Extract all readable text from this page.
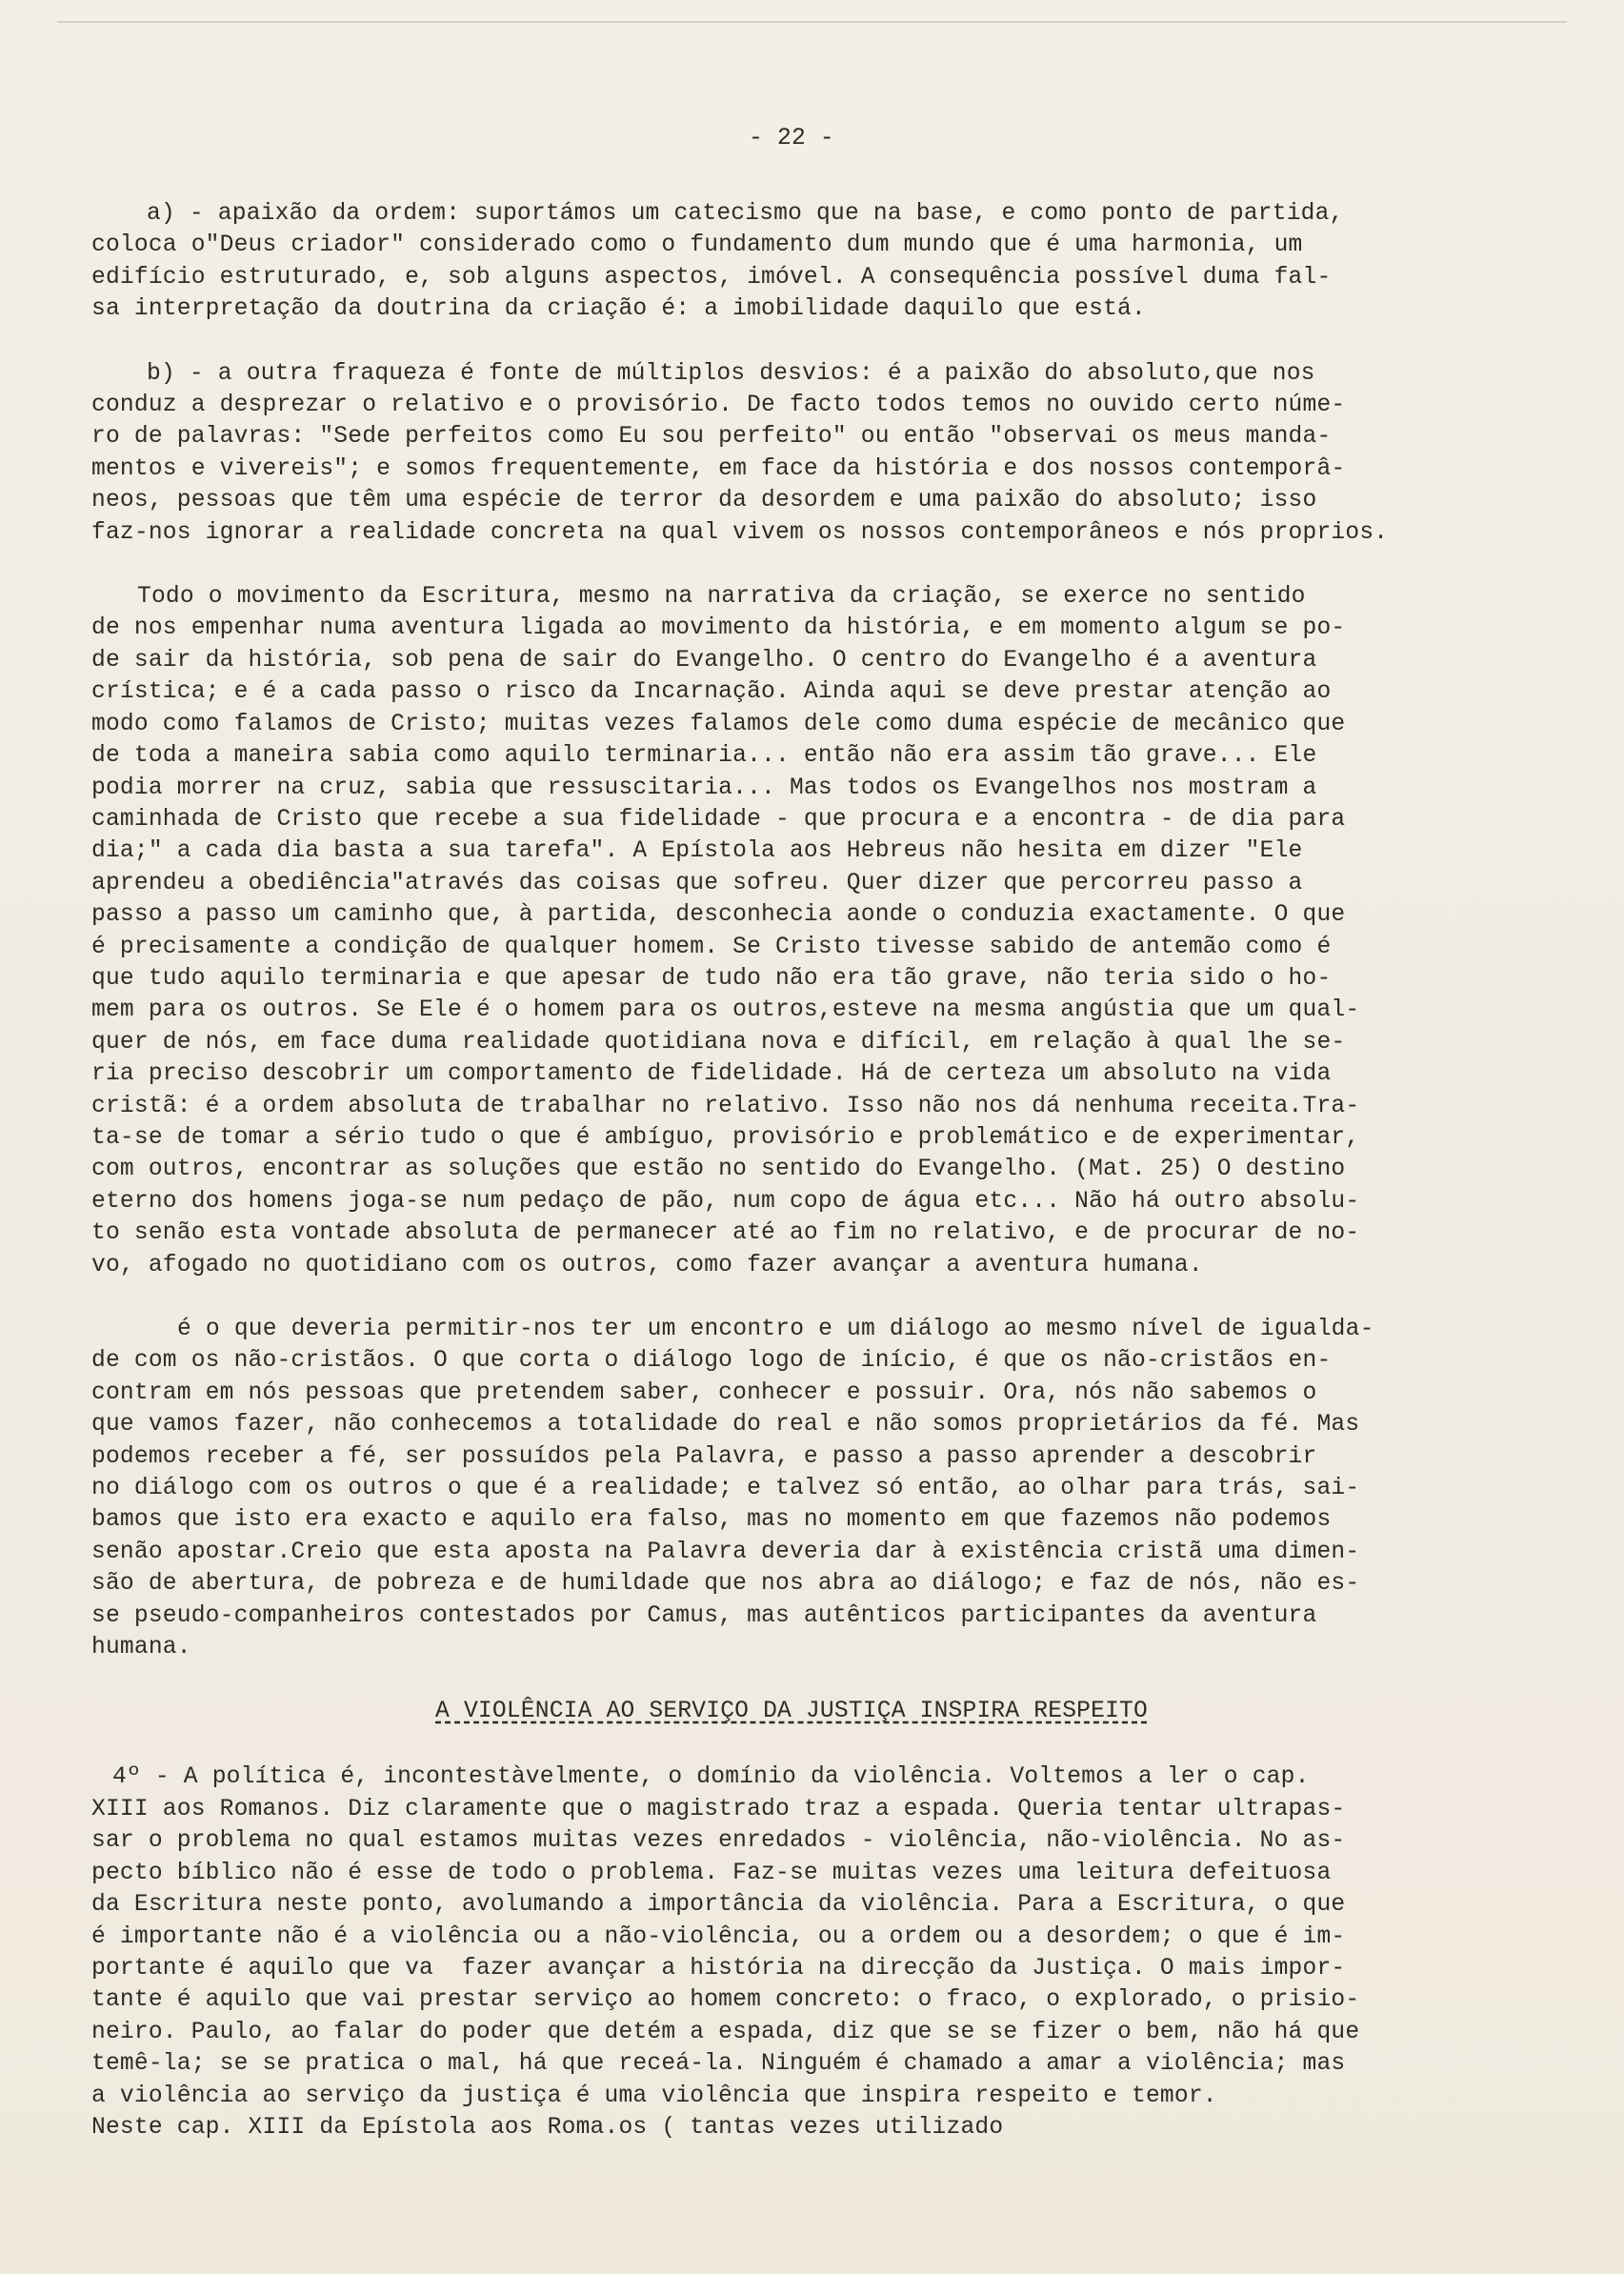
- 22 -
a) - apaixão da ordem: suportámos um catecismo que na base, e como ponto de partida,
coloca o"Deus criador" considerado como o fundamento dum mundo que é uma harmonia, um
edifício estruturado, e, sob alguns aspectos, imóvel. A consequência possível duma fal-
sa interpretação da doutrina da criação é: a imobilidade daquilo que está.
b) - a outra fraqueza é fonte de múltiplos desvios: é a paixão do absoluto,que nos
conduz a desprezar o relativo e o provisório. De facto todos temos no ouvido certo núme-
ro de palavras: "Sede perfeitos como Eu sou perfeito" ou então "observai os meus manda-
mentos e vivereis"; e somos frequentemente, em face da história e dos nossos contemporâ-
neos, pessoas que têm uma espécie de terror da desordem e uma paixão do absoluto; isso
faz-nos ignorar a realidade concreta na qual vivem os nossos contemporâneos e nós proprios.
Todo o movimento da Escritura, mesmo na narrativa da criação, se exerce no sentido
de nos empenhar numa aventura ligada ao movimento da história, e em momento algum se po-
de sair da história, sob pena de sair do Evangelho. O centro do Evangelho é a aventura
crística; e é a cada passo o risco da Incarnação. Ainda aqui se deve prestar atenção ao
modo como falamos de Cristo; muitas vezes falamos dele como duma espécie de mecânico que
de toda a maneira sabia como aquilo terminaria... então não era assim tão grave... Ele
podia morrer na cruz, sabia que ressuscitaria... Mas todos os Evangelhos nos mostram a
caminhada de Cristo que recebe a sua fidelidade - que procura e a encontra - de dia para
dia;" a cada dia basta a sua tarefa". A Epístola aos Hebreus não hesita em dizer "Ele
aprendeu a obediência"através das coisas que sofreu. Quer dizer que percorreu passo a
passo a passo um caminho que, à partida, desconhecia aonde o conduzia exactamente. O que
é precisamente a condição de qualquer homem. Se Cristo tivesse sabido de antemão como é
que tudo aquilo terminaria e que apesar de tudo não era tão grave, não teria sido o ho-
mem para os outros. Se Ele é o homem para os outros,esteve na mesma angústia que um qual-
quer de nós, em face duma realidade quotidiana nova e difícil, em relação à qual lhe se-
ria preciso descobrir um comportamento de fidelidade. Há de certeza um absoluto na vida
cristã: é a ordem absoluta de trabalhar no relativo. Isso não nos dá nenhuma receita.Tra-
ta-se de tomar a sério tudo o que é ambíguo, provisório e problemático e de experimentar,
com outros, encontrar as soluções que estão no sentido do Evangelho. (Mat. 25) O destino
eterno dos homens joga-se num pedaço de pão, num copo de água etc... Não há outro absolu-
to senão esta vontade absoluta de permanecer até ao fim no relativo, e de procurar de no-
vo, afogado no quotidiano com os outros, como fazer avançar a aventura humana.
é o que deveria permitir-nos ter um encontro e um diálogo ao mesmo nível de igualda-
de com os não-cristãos. O que corta o diálogo logo de início, é que os não-cristãos en-
contram em nós pessoas que pretendem saber, conhecer e possuir. Ora, nós não sabemos o
que vamos fazer, não conhecemos a totalidade do real e não somos proprietários da fé. Mas
podemos receber a fé, ser possuídos pela Palavra, e passo a passo aprender a descobrir
no diálogo com os outros o que é a realidade; e talvez só então, ao olhar para trás, sai-
bamos que isto era exacto e aquilo era falso, mas no momento em que fazemos não podemos
senão apostar.Creio que esta aposta na Palavra deveria dar à existência cristã uma dimen-
são de abertura, de pobreza e de humildade que nos abra ao diálogo; e faz de nós, não es-
se pseudo-companheiros contestados por Camus, mas autênticos participantes da aventura
humana.
A VIOLÊNCIA AO SERVIÇO DA JUSTIÇA INSPIRA RESPEITO
4º - A política é, incontestàvelmente, o domínio da violência. Voltemos a ler o cap.
XIII aos Romanos. Diz claramente que o magistrado traz a espada. Queria tentar ultrapas-
sar o problema no qual estamos muitas vezes enredados - violência, não-violência. No as-
pecto bíblico não é esse de todo o problema. Faz-se muitas vezes uma leitura defeituosa
da Escritura neste ponto, avolumando a importância da violência. Para a Escritura, o que
é importante não é a violência ou a não-violência, ou a ordem ou a desordem; o que é im-
portante é aquilo que va  fazer avançar a história na direcção da Justiça. O mais impor-
tante é aquilo que vai prestar serviço ao homem concreto: o fraco, o explorado, o prisio-
neiro. Paulo, ao falar do poder que detém a espada, diz que se se fizer o bem, não há que
temê-la; se se pratica o mal, há que receá-la. Ninguém é chamado a amar a violência; mas
a violência ao serviço da justiça é uma violência que inspira respeito e temor.
Neste cap. XIII da Epístola aos Roma.os ( tantas vezes utilizado
